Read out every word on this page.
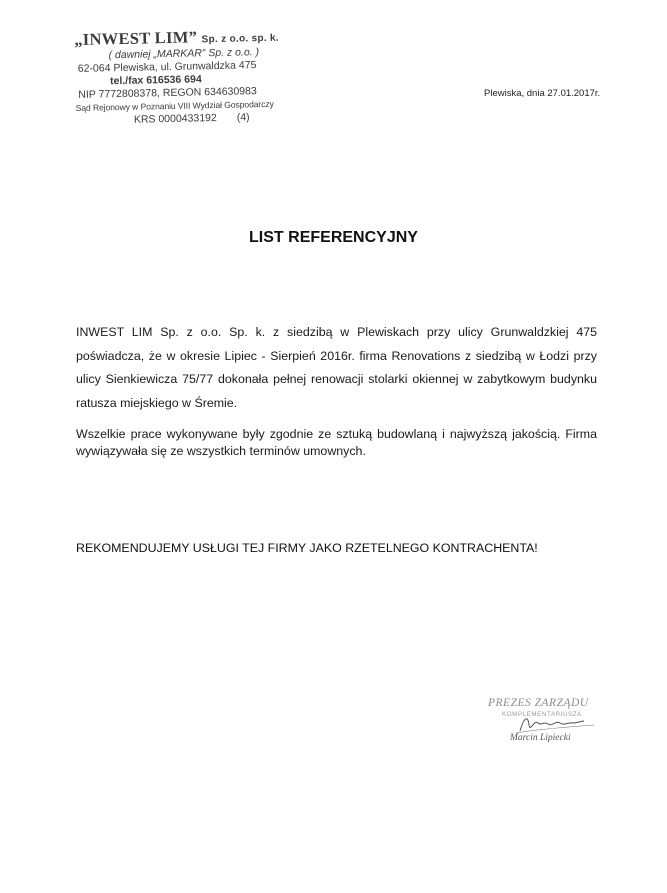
„INWEST LIM” Sp. z o.o. sp. k.
( dawniej „MARKAR” Sp. z o.o. )
62-064 Plewiska, ul. Grunwaldzka 475
tel./fax 616536 694
NIP 7772808378, REGON 634630983
Sąd Rejonowy w Poznaniu VIII Wydział Gospodarczy
KRS 0000433192 (4)
Plewiska, dnia 27.01.2017r.
LIST REFERENCYJNY
INWEST LIM Sp. z o.o. Sp. k. z siedzibą w Plewiskach przy ulicy Grunwaldzkiej 475 poświadcza, że w okresie Lipiec - Sierpień 2016r. firma Renovations z siedzibą w Łodzi przy ulicy Sienkiewicza 75/77 dokonała pełnej renowacji stolarki okiennej w zabytkowym budynku ratusza miejskiego w Śremie.
Wszelkie prace wykonywane były zgodnie ze sztuką budowlaną i najwyższą jakością. Firma wywiązywała się ze wszystkich terminów umownych.
REKOMENDUJEMY USŁUGI TEJ FIRMY JAKO RZETELNEGO KONTRACHENTA!
PREZES ZARZĄDU
KOMPLEMENTARIUSZA
Marcin Lipiecki
